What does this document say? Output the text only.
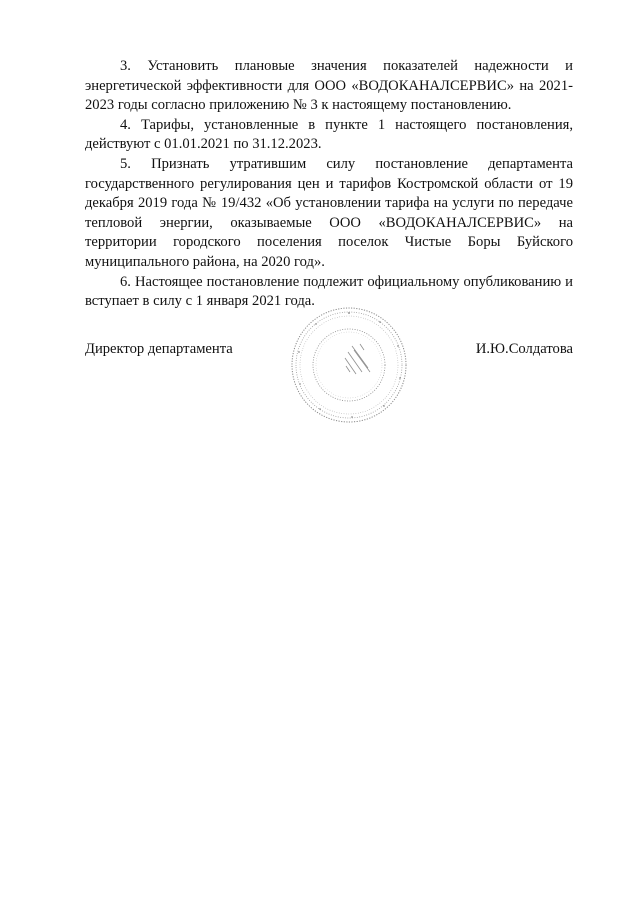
3. Установить плановые значения показателей надежности и энергетической эффективности для ООО «ВОДОКАНАЛСЕРВИС» на 2021-2023 годы согласно приложению № 3 к настоящему постановлению.

4. Тарифы, установленные в пункте 1 настоящего постановления, действуют с 01.01.2021 по 31.12.2023.

5. Признать утратившим силу постановление департамента государственного регулирования цен и тарифов Костромской области от 19 декабря 2019 года № 19/432 «Об установлении тарифа на услуги по передаче тепловой энергии, оказываемые ООО «ВОДОКАНАЛСЕРВИС» на территории городского поселения поселок Чистые Боры Буйского муниципального района, на 2020 год».

6. Настоящее постановление подлежит официальному опубликованию и вступает в силу с 1 января 2021 года.

Директор департамента	И.Ю.Солдатова
